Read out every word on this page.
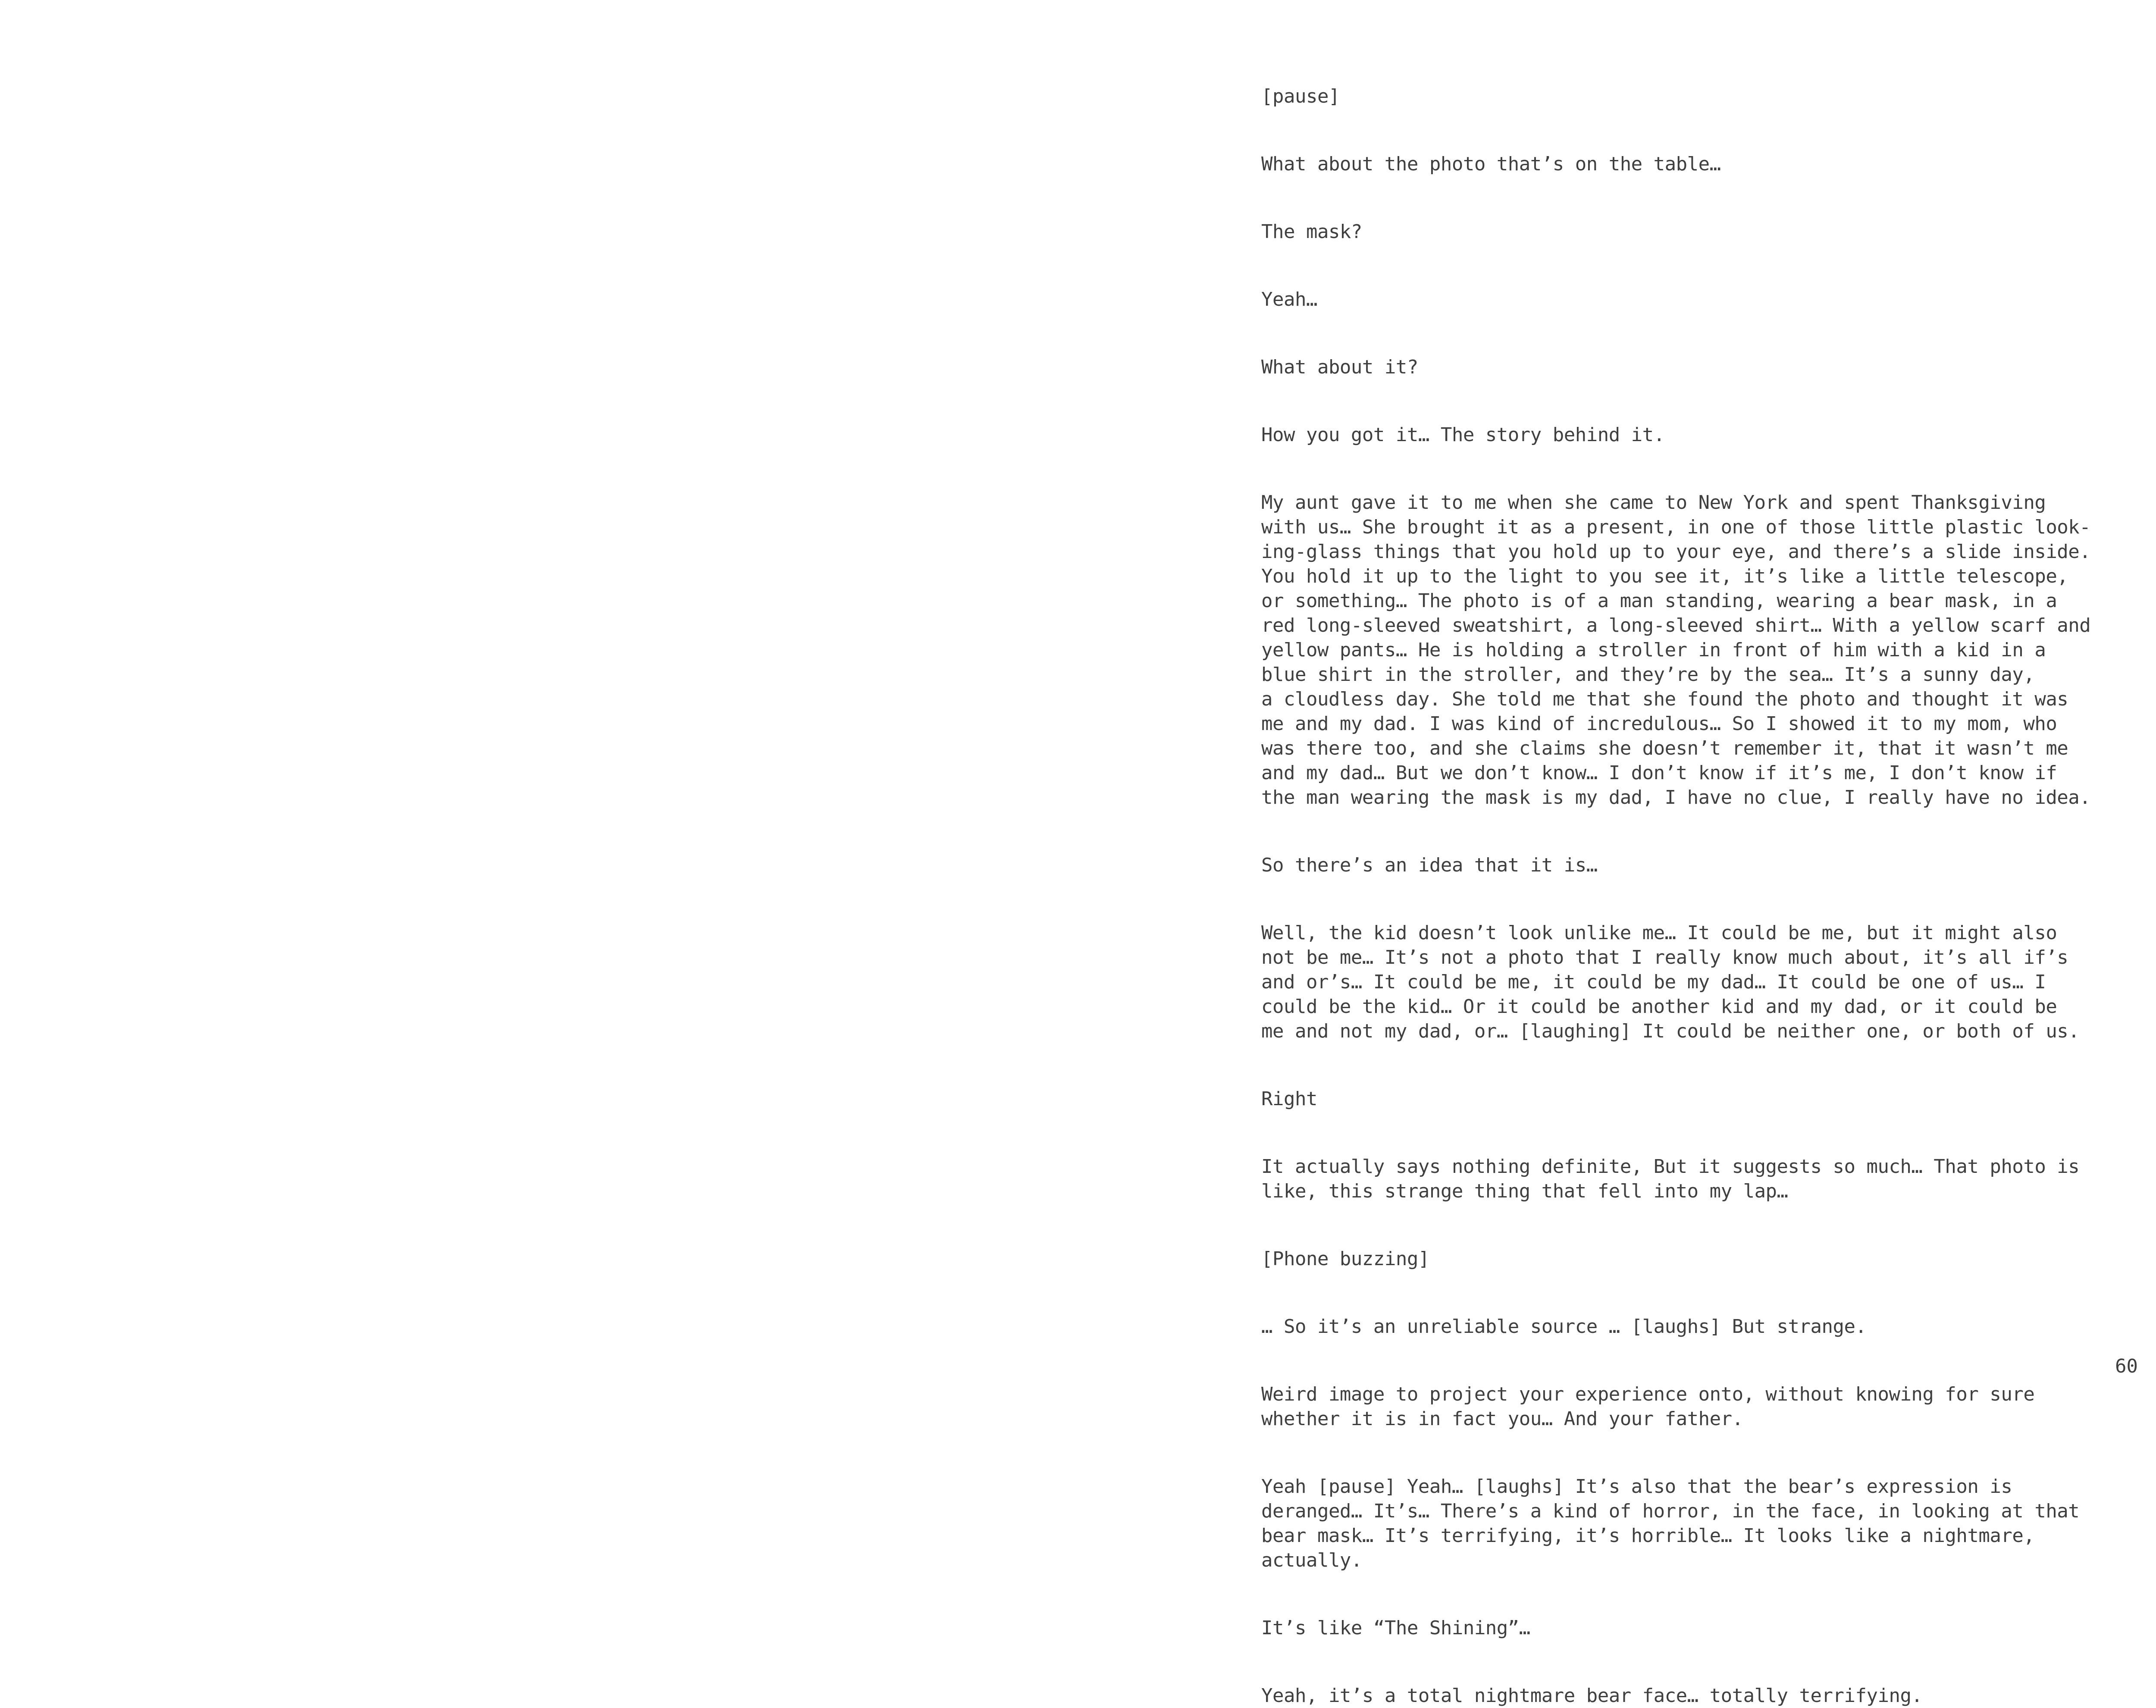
[pause]
What about the photo that’s on the table…
The mask?
Yeah…
What about it?
How you got it… The story behind it.
My aunt gave it to me when she came to New York and spent Thanksgiving
with us… She brought it as a present, in one of those little plastic look-
ing-glass things that you hold up to your eye, and there’s a slide inside.
You hold it up to the light to you see it, it’s like a little telescope,
or something… The photo is of a man standing, wearing a bear mask, in a
red long-sleeved sweatshirt, a long-sleeved shirt… With a yellow scarf and
yellow pants… He is holding a stroller in front of him with a kid in a
blue shirt in the stroller, and they’re by the sea… It’s a sunny day,
a cloudless day. She told me that she found the photo and thought it was
me and my dad. I was kind of incredulous… So I showed it to my mom, who
was there too, and she claims she doesn’t remember it, that it wasn’t me
and my dad… But we don’t know… I don’t know if it’s me, I don’t know if
the man wearing the mask is my dad, I have no clue, I really have no idea.
So there’s an idea that it is…
Well, the kid doesn’t look unlike me… It could be me, but it might also
not be me… It’s not a photo that I really know much about, it’s all if’s
and or’s… It could be me, it could be my dad… It could be one of us… I
could be the kid… Or it could be another kid and my dad, or it could be
me and not my dad, or… [laughing] It could be neither one, or both of us.
Right
It actually says nothing definite, But it suggests so much… That photo is
like, this strange thing that fell into my lap…
[Phone buzzing]
… So it’s an unreliable source … [laughs] But strange.
Weird image to project your experience onto, without knowing for sure
whether it is in fact you… And your father.
Yeah [pause] Yeah… [laughs] It’s also that the bear’s expression is
deranged… It’s… There’s a kind of horror, in the face, in looking at that
bear mask… It’s terrifying, it’s horrible… It looks like a nightmare,
actually.
It’s like “The Shining”…
Yeah, it’s a total nightmare bear face… totally terrifying.
60
